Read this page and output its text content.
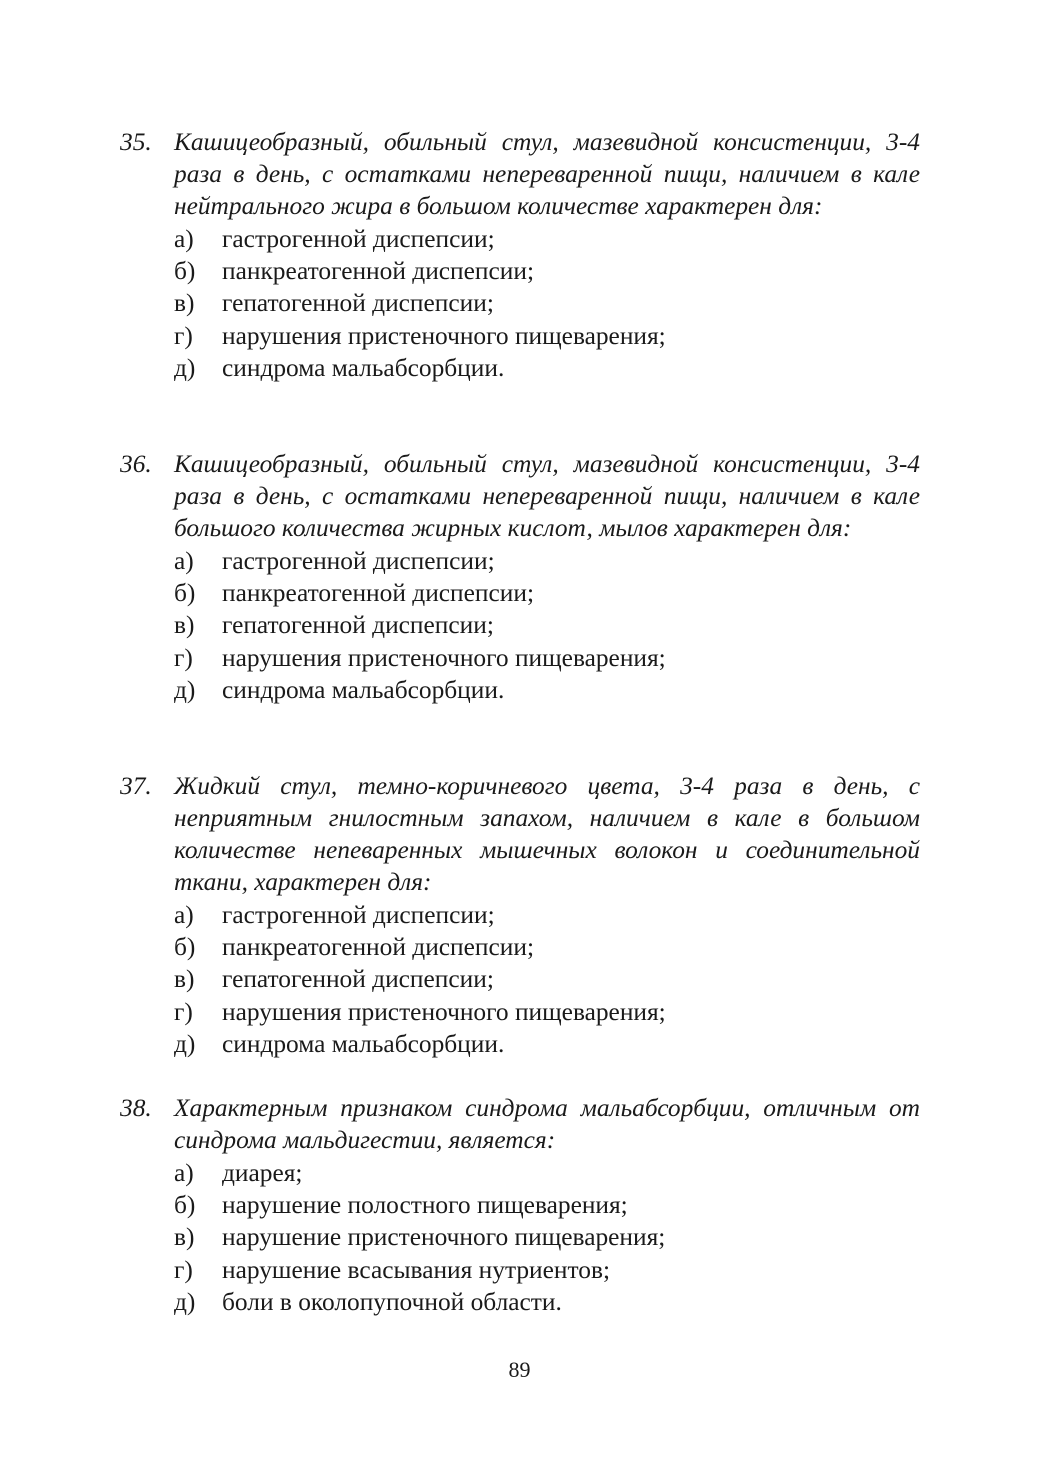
35. Кашицеобразный, обильный стул, мазевидной консистенции, 3-4 раза в день, с остатками непереваренной пищи, наличием в кале нейтрального жира в большом количестве характерен для:
а)	гастрогенной диспепсии;
б)	панкреатогенной диспепсии;
в)	гепатогенной диспепсии;
г)	нарушения пристеночного пищеварения;
д)	синдрома мальабсорбции.
36. Кашицеобразный, обильный стул, мазевидной консистенции, 3-4 раза в день, с остатками непереваренной пищи, наличием в кале большого количества жирных кислот, мылов характерен для:
а)	гастрогенной диспепсии;
б)	панкреатогенной диспепсии;
в)	гепатогенной диспепсии;
г)	нарушения пристеночного пищеварения;
д)	синдрома мальабсорбции.
37. Жидкий стул, темно-коричневого цвета, 3-4 раза в день, с неприятным гнилостным запахом, наличием в кале в большом количестве непеваренных мышечных волокон и соединительной ткани, характерен для:
а)	гастрогенной диспепсии;
б)	панкреатогенной диспепсии;
в)	гепатогенной диспепсии;
г)	нарушения пристеночного пищеварения;
д)	синдрома мальабсорбции.
38. Характерным признаком синдрома мальабсорбции, отличным от синдрома мальдигестии, является:
а)	диарея;
б)	нарушение полостного пищеварения;
в)	нарушение пристеночного пищеварения;
г)	нарушение всасывания нутриентов;
д)	боли в околопупочной области.
89
